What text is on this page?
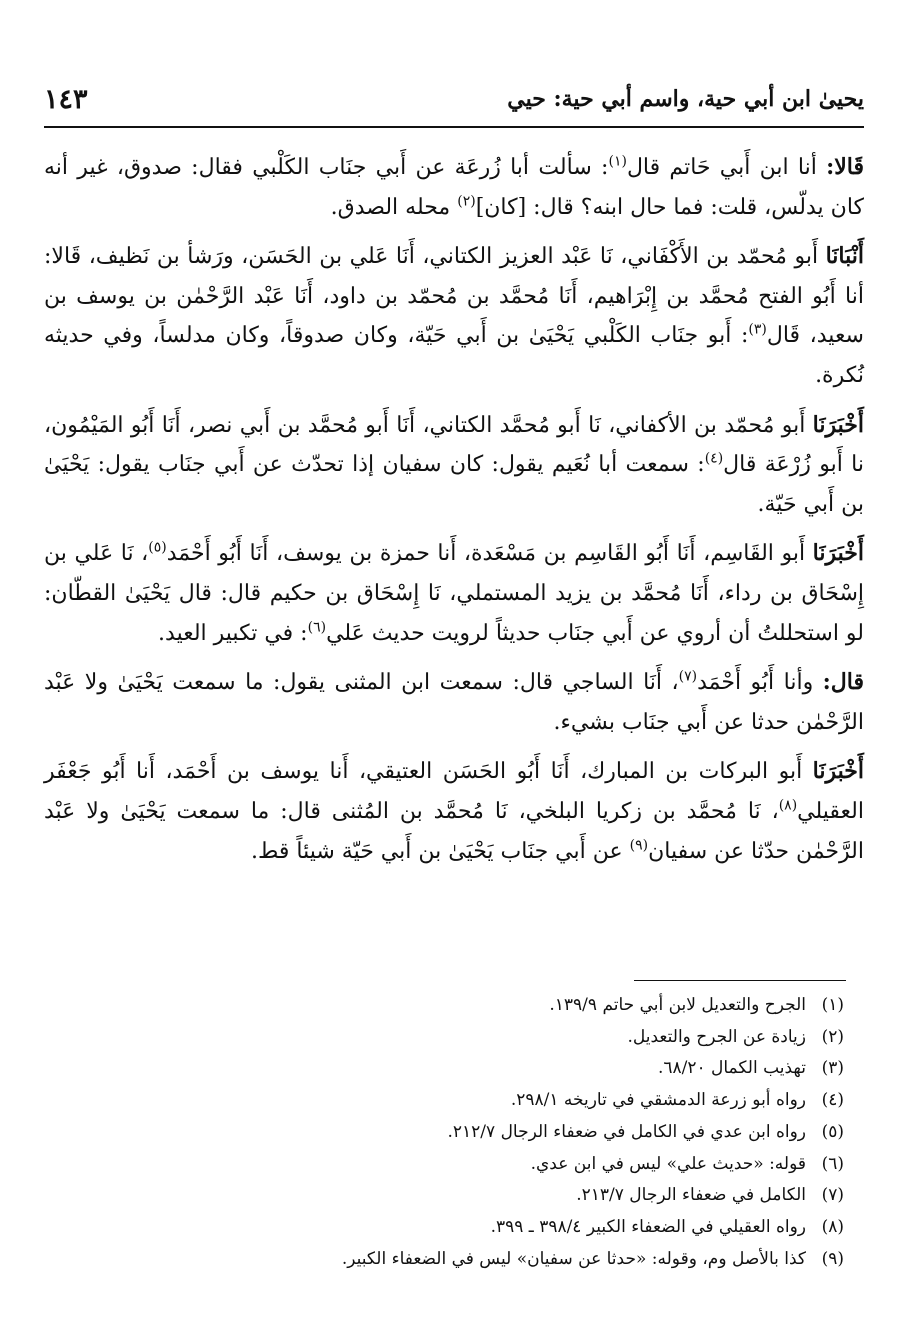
١٤٣	يحيىٰ ابن أبي حية، واسم أبي حية: حيي

قَالا: أنا ابن أَبي حَاتم قال$^{(١)}$: سألت أبا زُرعَة عن أَبي جنَاب الكَلْبي فقال: صدوق، غير أنه كان يدلّس، قلت: فما حال ابنه؟ قال: [كان]$^{(٢)}$ محله الصدق.

أَنْبَانَا أَبو مُحمّد بن الأَكْفَاني، نَا عَبْد العزيز الكتاني، أَنَا عَلي بن الحَسَن، ورَشأ بن نَظيف، قَالا: أنا أَبُو الفتح مُحمَّد بن إِبْرَاهيم، أَنَا مُحمَّد بن مُحمّد بن داود، أَنَا عَبْد الرَّحْمٰن بن يوسف بن سعيد، قَال$^{(٣)}$: أَبو جنَاب الكَلْبي يَحْيَىٰ بن أَبي حَيّة، وكان صدوقاً، وكان مدلساً، وفي حديثه نُكرة.

أَخْبَرَنَا أَبو مُحمّد بن الأكفاني، نَا أَبو مُحمَّد الكتاني، أَنَا أَبو مُحمَّد بن أَبي نصر، أَنَا أَبُو المَيْمُون، نا أَبو زُرْعَة قال$^{(٤)}$: سمعت أبا نُعَيم يقول: كان سفيان إذا تحدّث عن أَبي جنَاب يقول: يَحْيَىٰ بن أَبي حَيّة.

أَخْبَرَنَا أَبو القَاسِم، أَنَا أَبُو القَاسِم بن مَسْعَدة، أَنا حمزة بن يوسف، أَنَا أَبُو أَحْمَد$^{(٥)}$، نَا عَلي بن إِسْحَاق بن رداء، أَنَا مُحمَّد بن يزيد المستملي، نَا إِسْحَاق بن حكيم قال: قال يَحْيَىٰ القطّان: لو استحللتُ أن أروي عن أَبي جنَاب حديثاً لرويت حديث عَلي$^{(٦)}$: في تكبير العيد.

قال: وأنا أَبُو أَحْمَد$^{(٧)}$، أَنَا الساجي قال: سمعت ابن المثنى يقول: ما سمعت يَحْيَىٰ ولا عَبْد الرَّحْمٰن حدثا عن أَبي جنَاب بشيء.

أَخْبَرَنَا أَبو البركات بن المبارك، أَنَا أَبُو الحَسَن العتيقي، أَنا يوسف بن أَحْمَد، أَنا أَبُو جَعْفَر العقيلي$^{(٨)}$، نَا مُحمَّد بن زكريا البلخي، نَا مُحمَّد بن المُثنى قال: ما سمعت يَحْيَىٰ ولا عَبْد الرَّحْمٰن حدّثا عن سفيان$^{(٩)}$ عن أَبي جنَاب يَحْيَىٰ بن أَبي حَيّة شيئاً قط.

(١)الجرح والتعديل لابن أبي حاتم ١٣٩/٩.
(٢)زيادة عن الجرح والتعديل.
(٣)تهذيب الكمال ٦٨/٢٠.
(٤)رواه أبو زرعة الدمشقي في تاريخه ٢٩٨/١.
(٥)رواه ابن عدي في الكامل في ضعفاء الرجال ٢١٢/٧.
(٦)قوله: «حديث علي» ليس في ابن عدي.
(٧)الكامل في ضعفاء الرجال ٢١٣/٧.
(٨)رواه العقيلي في الضعفاء الكبير ٣٩٨/٤ ـ ٣٩٩.
(٩)كذا بالأصل وم، وقوله: «حدثا عن سفيان» ليس في الضعفاء الكبير.
